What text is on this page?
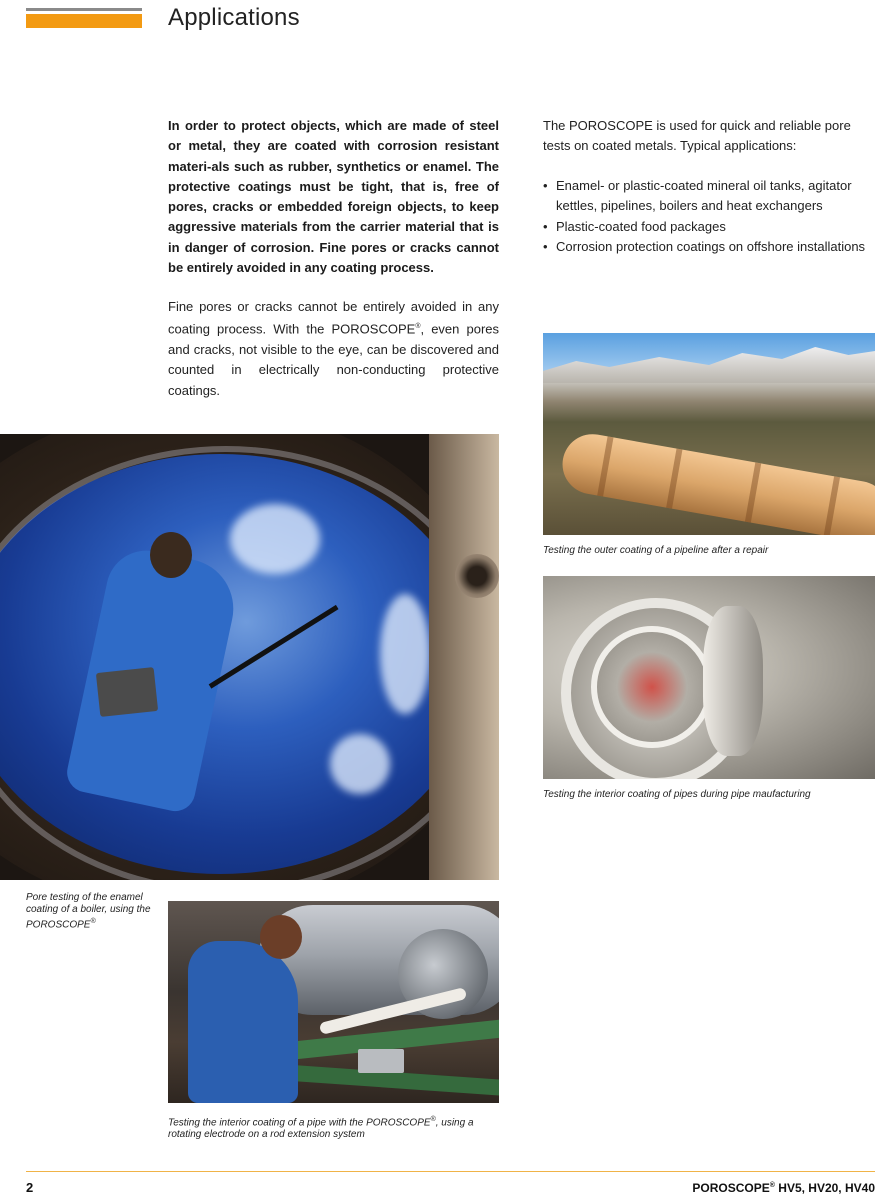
Applications
In order to protect objects, which are made of steel or metal, they are coated with corrosion resistant materi-als such as rubber, synthetics or enamel. The protective coatings must be tight, that is, free of pores, cracks or embedded foreign objects, to keep aggressive materials from the carrier material that is in danger of corrosion. Fine pores or cracks cannot be entirely avoided in any coating process.
Fine pores or cracks cannot be entirely avoided in any coating process. With the POROSCOPE®, even pores and cracks, not visible to the eye, can be discovered and counted in electrically non-conducting protective coatings.
The POROSCOPE is used for quick and reliable pore tests on coated metals. Typical applications:
• Enamel- or plastic-coated mineral oil tanks, agitator kettles, pipelines, boilers and heat exchangers
• Plastic-coated food packages
• Corrosion protection coatings on offshore installations
Testing the outer coating of a pipeline after a repair
Testing the interior coating of pipes during pipe maufacturing
Pore testing of the enamel coating of a boiler, using the POROSCOPE®
Testing the interior coating of a pipe with the POROSCOPE®, using a rotating electrode on a rod extension system
2	POROSCOPE® HV5, HV20, HV40
